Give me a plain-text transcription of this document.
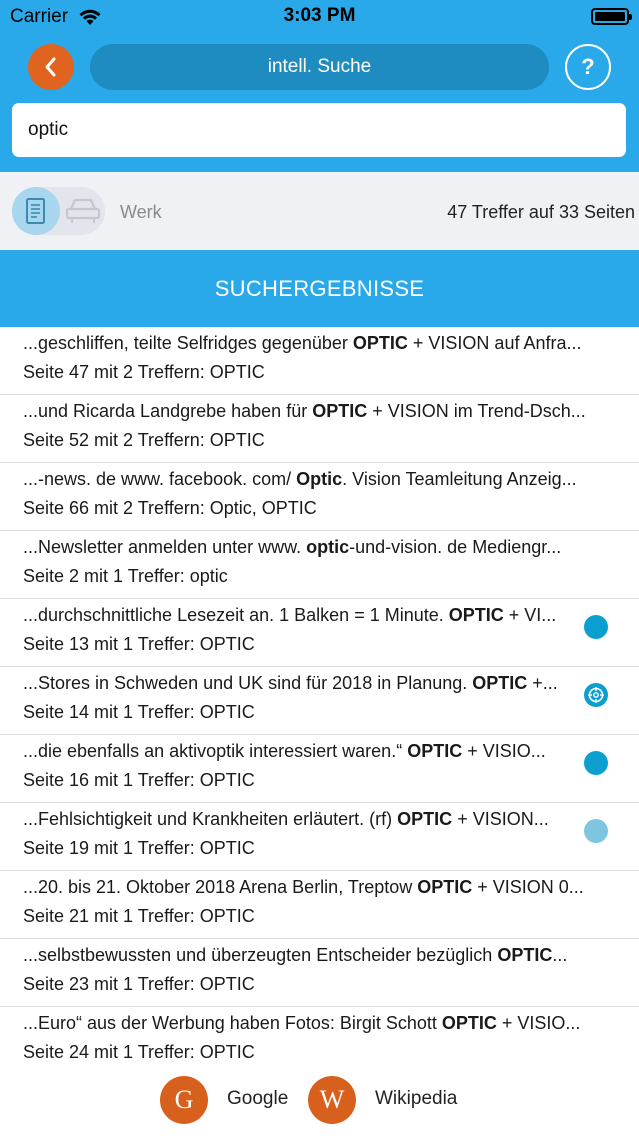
Carrier	3:03 PM
intell. Suche	?
optic
Werk	47 Treffer auf 33 Seiten
SUCHERGEBNISSE
...geschliffen, teilte Selfridges gegenüber OPTIC + VISION auf Anfra...
Seite 47 mit 2 Treffern: OPTIC
...und Ricarda Landgrebe haben für OPTIC + VISION im Trend-Dsch...
Seite 52 mit 2 Treffern: OPTIC
...-news. de www. facebook. com/ Optic. Vision Teamleitung Anzeig...
Seite 66 mit 2 Treffern: Optic, OPTIC
...Newsletter anmelden unter www. optic-und-vision. de Mediengr...
Seite 2 mit 1 Treffer: optic
...durchschnittliche Lesezeit an. 1 Balken = 1 Minute. OPTIC + VI...
Seite 13 mit 1 Treffer: OPTIC
...Stores in Schweden und UK sind für 2018 in Planung. OPTIC +...
Seite 14 mit 1 Treffer: OPTIC
...die ebenfalls an aktivoptik interessiert waren.“ OPTIC + VISIO...
Seite 16 mit 1 Treffer: OPTIC
...Fehlsichtigkeit und Krankheiten erläutert. (rf) OPTIC + VISION...
Seite 19 mit 1 Treffer: OPTIC
...20. bis 21. Oktober 2018 Arena Berlin, Treptow OPTIC + VISION 0...
Seite 21 mit 1 Treffer: OPTIC
...selbstbewussten und überzeugten Entscheider bezüglich OPTIC...
Seite 23 mit 1 Treffer: OPTIC
...Euro“ aus der Werbung haben Fotos: Birgit Schott OPTIC + VISIO...
Seite 24 mit 1 Treffer: OPTIC
G	Google	W	Wikipedia
